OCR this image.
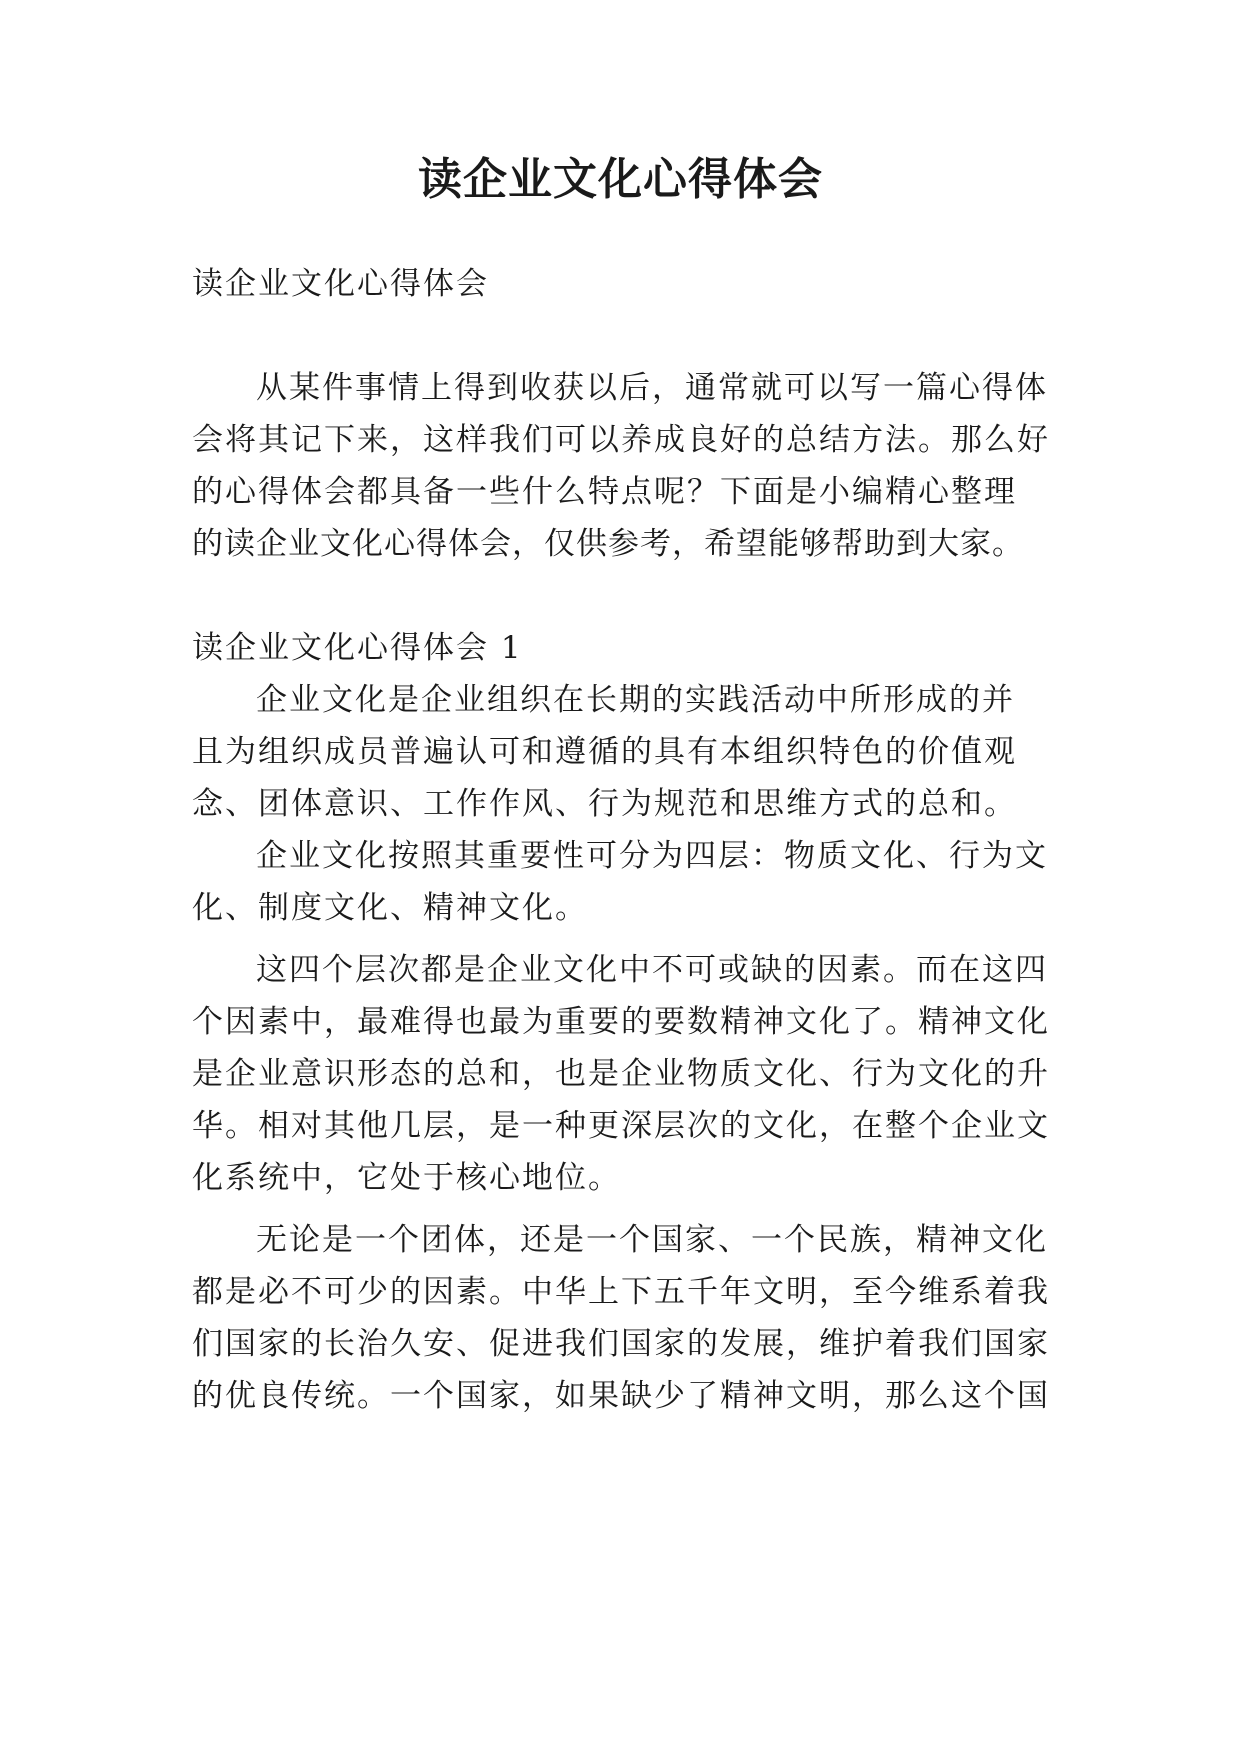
读企业文化心得体会

读企业文化心得体会

从某件事情上得到收获以后，通常就可以写一篇心得体

会将其记下来，这样我们可以养成良好的总结方法。那么好

的心得体会都具备一些什么特点呢？下面是小编精心整理

的读企业文化心得体会，仅供参考，希望能够帮助到大家。

读企业文化心得体会 1

企业文化是企业组织在长期的实践活动中所形成的并

且为组织成员普遍认可和遵循的具有本组织特色的价值观

念、团体意识、工作作风、行为规范和思维方式的总和。

企业文化按照其重要性可分为四层：物质文化、行为文

化、制度文化、精神文化。

这四个层次都是企业文化中不可或缺的因素。而在这四

个因素中，最难得也最为重要的要数精神文化了。精神文化

是企业意识形态的总和，也是企业物质文化、行为文化的升

华。相对其他几层，是一种更深层次的文化，在整个企业文

化系统中，它处于核心地位。

无论是一个团体，还是一个国家、一个民族，精神文化

都是必不可少的因素。中华上下五千年文明，至今维系着我

们国家的长治久安、促进我们国家的发展，维护着我们国家

的优良传统。一个国家，如果缺少了精神文明，那么这个国
